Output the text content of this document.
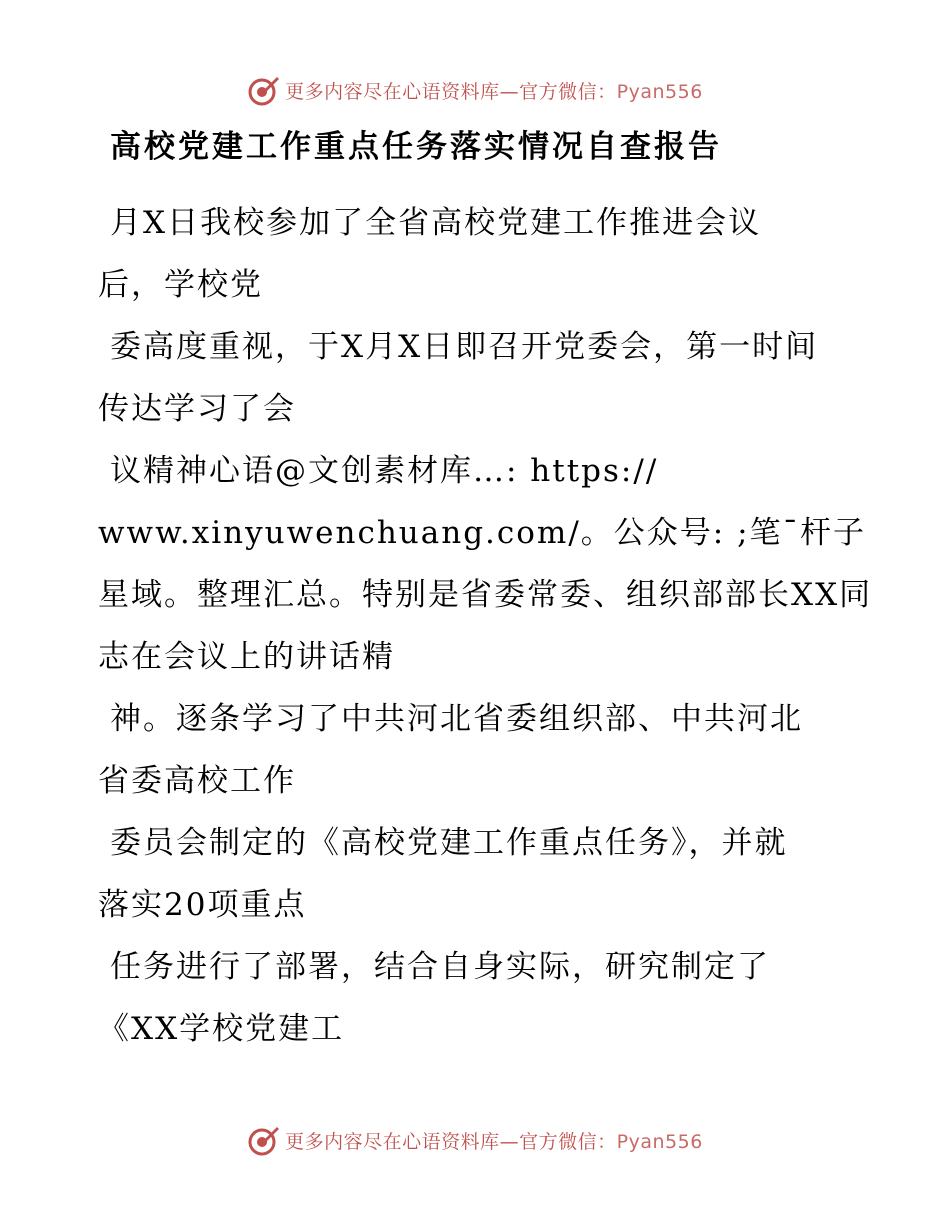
更多内容尽在心语资料库—官方微信：Pyan556
高校党建工作重点任务落实情况自查报告

月X日我校参加了全省高校党建工作推进会议
后，学校党

委高度重视，于X月X日即召开党委会，第一时间
传达学习了会

议精神心语@文创素材库…: https://
www.xinyuwenchuang.com/。公众号: ;笔¯杆子星域。整理汇总。特别是省委常委、组织部部长XX同志在会议上的讲话精

神。逐条学习了中共河北省委组织部、中共河北
省委高校工作

委员会制定的《高校党建工作重点任务》，并就
落实20项重点

任务进行了部署，结合自身实际，研究制定了
《XX学校党建工

更多内容尽在心语资料库—官方微信：Pyan556
